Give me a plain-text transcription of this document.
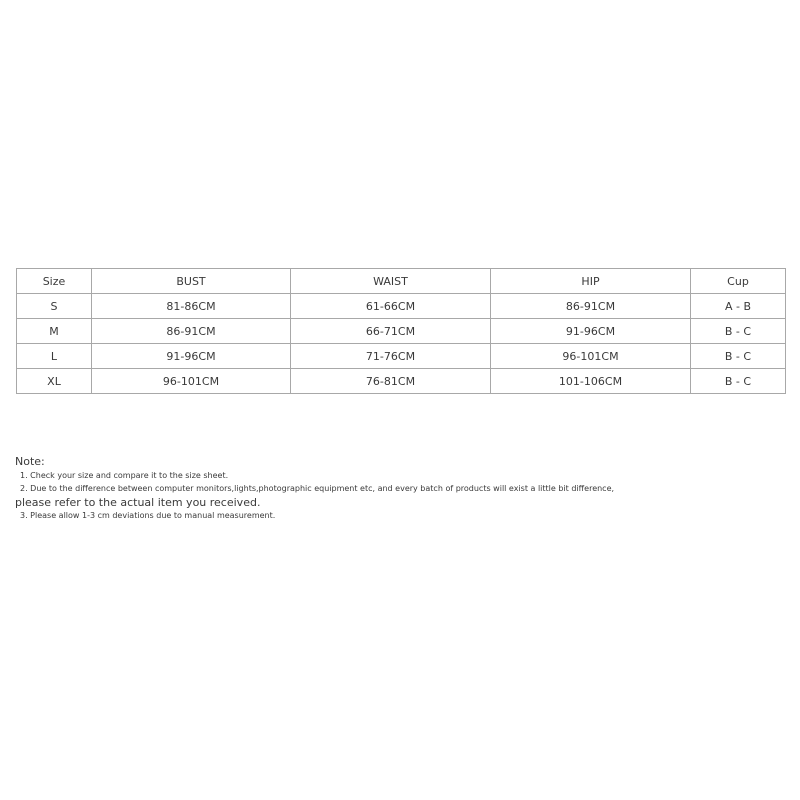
Size	BUST	WAIST	HIP	Cup
S	81-86CM	61-66CM	86-91CM	A - B
M	86-91CM	66-71CM	91-96CM	B - C
L	91-96CM	71-76CM	96-101CM	B - C
XL	96-101CM	76-81CM	101-106CM	B - C
Note:
1. Check your size and compare it to the size sheet.
2. Due to the difference between computer monitors,lights,photographic equipment etc, and every batch of products will exist a little bit difference,
please refer to the actual item you received.
3. Please allow 1-3 cm deviations due to manual measurement.
